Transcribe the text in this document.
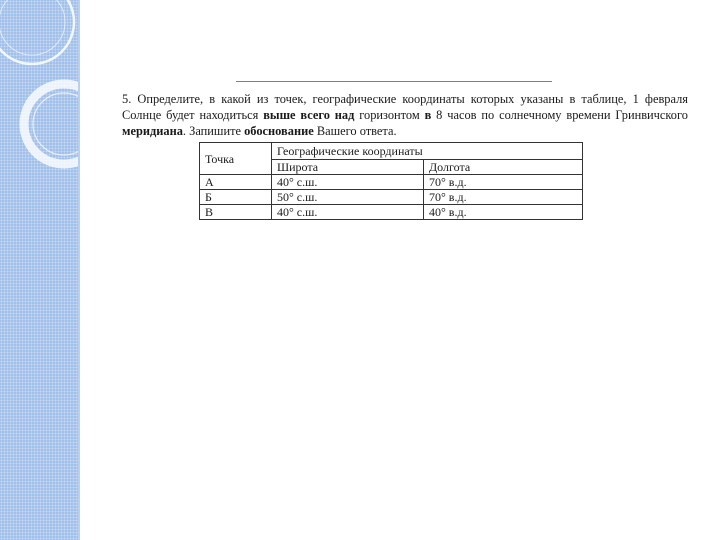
5. Определите, в какой из точек, географические координаты которых указаны в таблице, 1 февраля Солнце будет находиться выше всего над горизонтом в 8 часов по солнечному времени Гринвичского меридиана. Запишите обоснование Вашего ответа.

Точка	Географические координаты	
	Широта	Долгота
А	40° с.ш.	70° в.д.
Б	50° с.ш.	70° в.д.
В	40° с.ш.	40° в.д.
